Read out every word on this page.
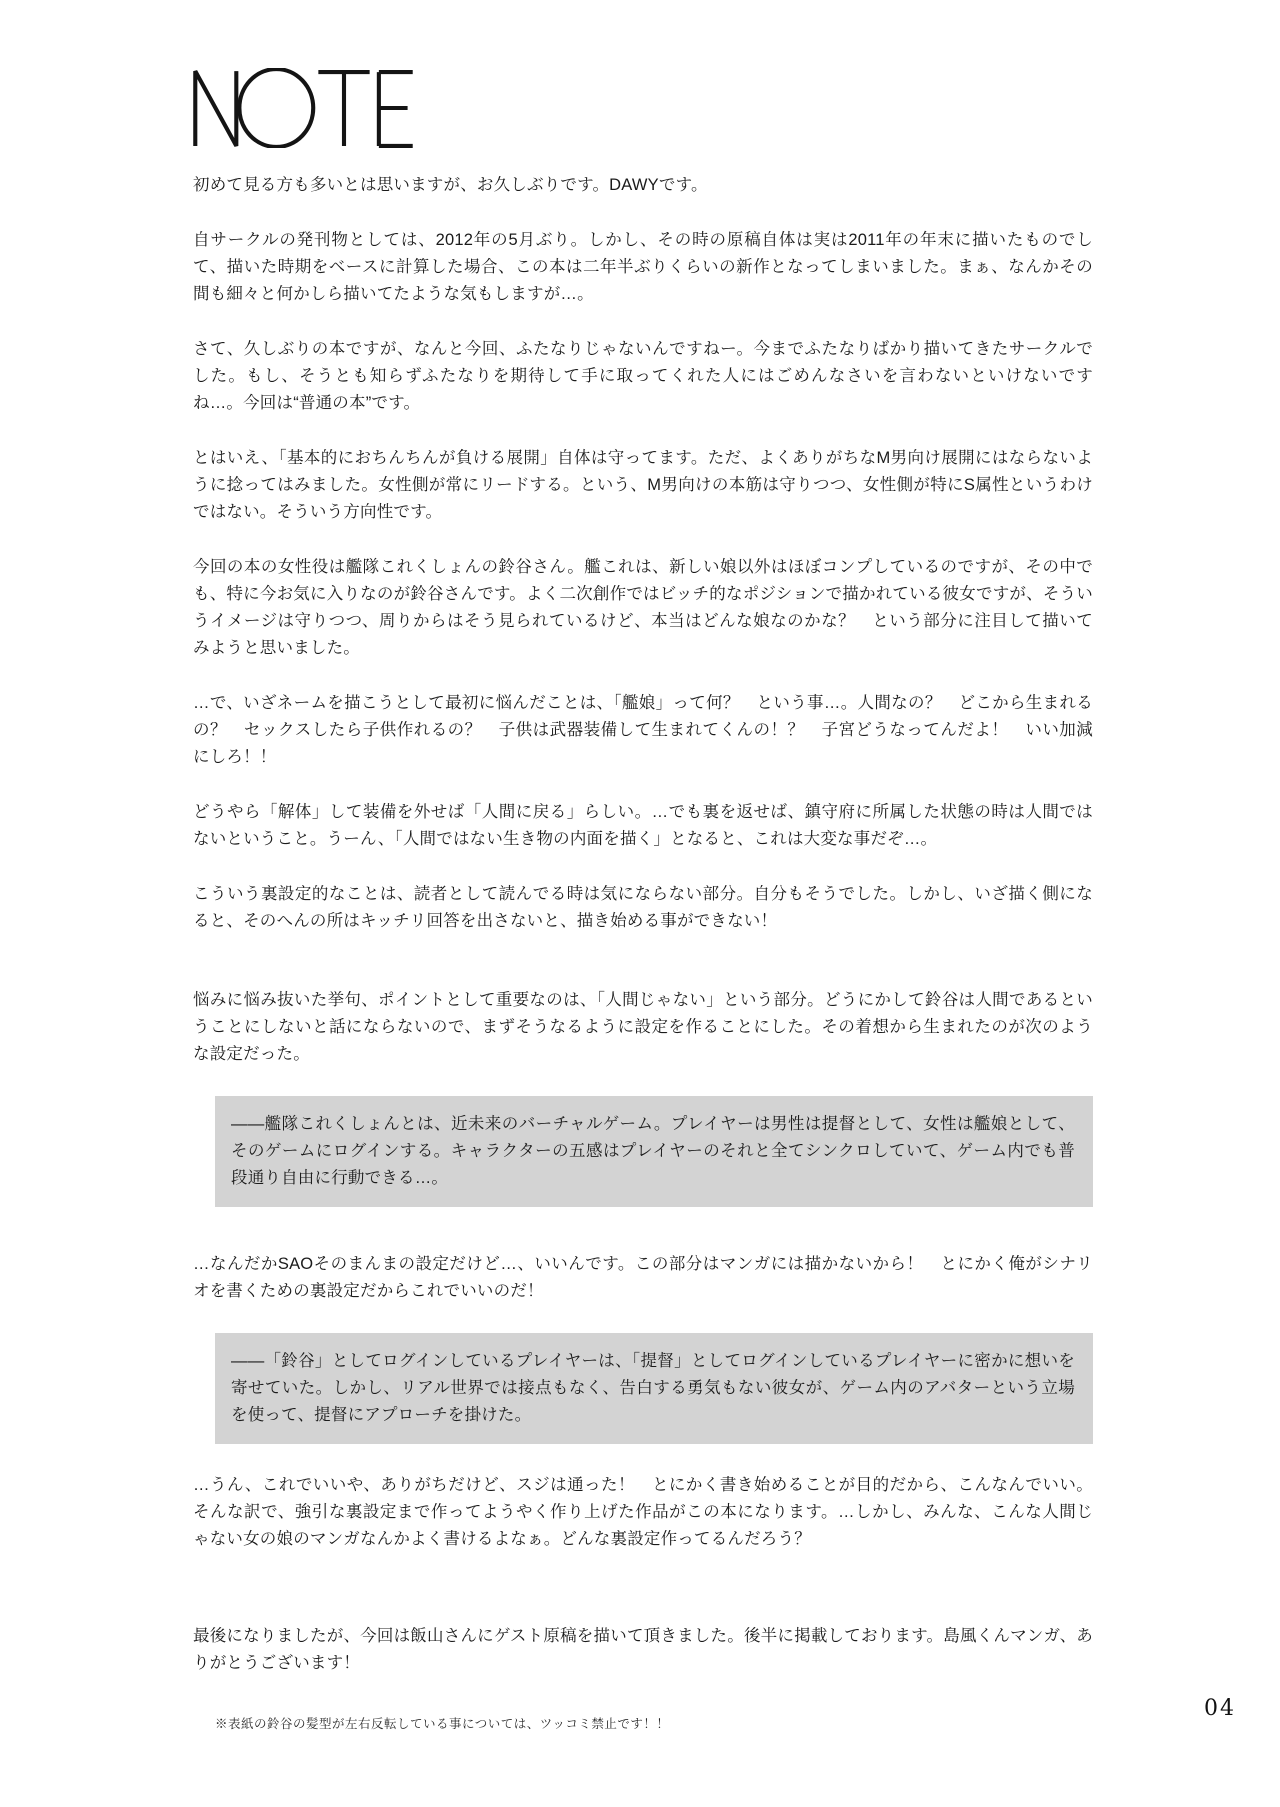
初めて見る方も多いとは思いますが、お久しぶりです。DAWYです。

自サークルの発刊物としては、2012年の5月ぶり。しかし、その時の原稿自体は実は2011年の年末に描いたものでして、描いた時期をベースに計算した場合、この本は二年半ぶりくらいの新作となってしまいました。まぁ、なんかその間も細々と何かしら描いてたような気もしますが…。

さて、久しぶりの本ですが、なんと今回、ふたなりじゃないんですねー。今までふたなりばかり描いてきたサークルでした。もし、そうとも知らずふたなりを期待して手に取ってくれた人にはごめんなさいを言わないといけないですね…。今回は“普通の本”です。

とはいえ、「基本的におちんちんが負ける展開」自体は守ってます。ただ、よくありがちなM男向け展開にはならないように捻ってはみました。女性側が常にリードする。という、M男向けの本筋は守りつつ、女性側が特にS属性というわけではない。そういう方向性です。

今回の本の女性役は艦隊これくしょんの鈴谷さん。艦これは、新しい娘以外はほぼコンプしているのですが、その中でも、特に今お気に入りなのが鈴谷さんです。よく二次創作ではビッチ的なポジションで描かれている彼女ですが、そういうイメージは守りつつ、周りからはそう見られているけど、本当はどんな娘なのかな？　という部分に注目して描いてみようと思いました。

…で、いざネームを描こうとして最初に悩んだことは、「艦娘」って何？　という事…。人間なの？　どこから生まれるの？　セックスしたら子供作れるの？　子供は武器装備して生まれてくんの！？　子宮どうなってんだよ！　いい加減にしろ！！

どうやら「解体」して装備を外せば「人間に戻る」らしい。…でも裏を返せば、鎮守府に所属した状態の時は人間ではないということ。うーん、「人間ではない生き物の内面を描く」となると、これは大変な事だぞ…。

こういう裏設定的なことは、読者として読んでる時は気にならない部分。自分もそうでした。しかし、いざ描く側になると、そのへんの所はキッチリ回答を出さないと、描き始める事ができない！

悩みに悩み抜いた挙句、ポイントとして重要なのは、「人間じゃない」という部分。どうにかして鈴谷は人間であるということにしないと話にならないので、まずそうなるように設定を作ることにした。その着想から生まれたのが次のような設定だった。

――艦隊これくしょんとは、近未来のバーチャルゲーム。プレイヤーは男性は提督として、女性は艦娘として、そのゲームにログインする。キャラクターの五感はプレイヤーのそれと全てシンクロしていて、ゲーム内でも普段通り自由に行動できる…。

…なんだかSAOそのまんまの設定だけど…、いいんです。この部分はマンガには描かないから！　とにかく俺がシナリオを書くための裏設定だからこれでいいのだ！

――「鈴谷」としてログインしているプレイヤーは、「提督」としてログインしているプレイヤーに密かに想いを寄せていた。しかし、リアル世界では接点もなく、告白する勇気もない彼女が、ゲーム内のアバターという立場を使って、提督にアプローチを掛けた。

…うん、これでいいや、ありがちだけど、スジは通った！　とにかく書き始めることが目的だから、こんなんでいい。そんな訳で、強引な裏設定まで作ってようやく作り上げた作品がこの本になります。…しかし、みんな、こんな人間じゃない女の娘のマンガなんかよく書けるよなぁ。どんな裏設定作ってるんだろう？

最後になりましたが、今回は飯山さんにゲスト原稿を描いて頂きました。後半に掲載しております。島風くんマンガ、ありがとうございます！

※表紙の鈴谷の髪型が左右反転している事については、ツッコミ禁止です！！
04
